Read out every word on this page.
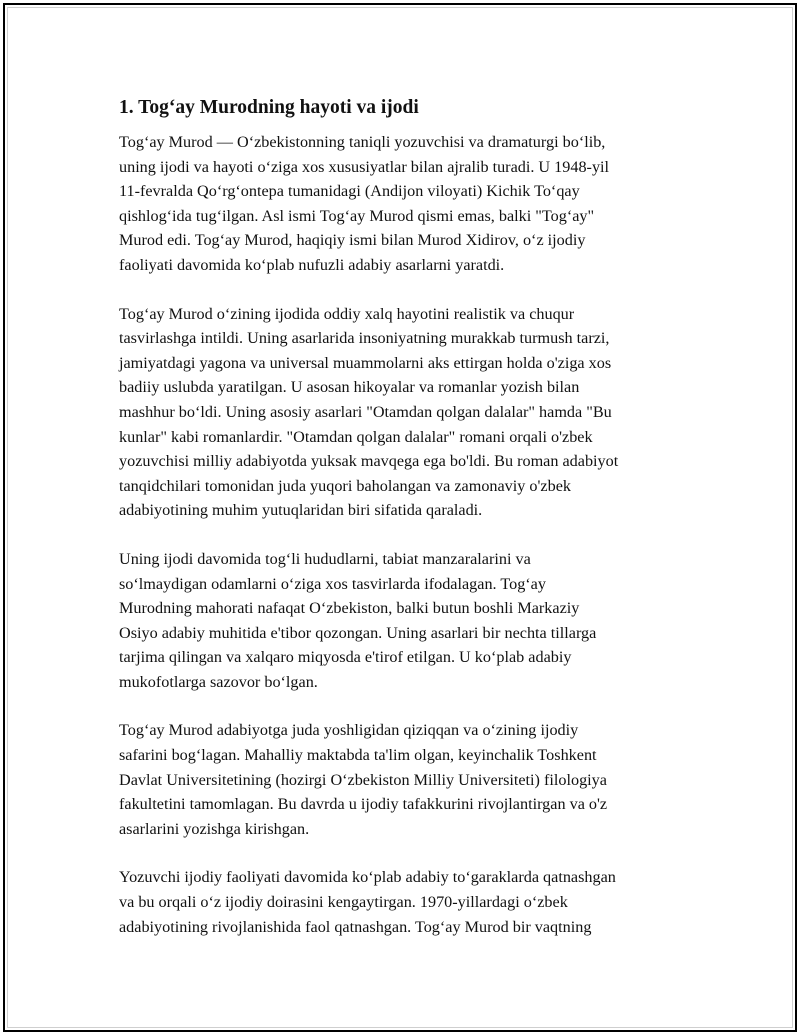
1. Tog‘ay Murodning hayoti va ijodi

Tog‘ay Murod — O‘zbekistonning taniqli yozuvchisi va dramaturgi bo‘lib,
uning ijodi va hayoti o‘ziga xos xususiyatlar bilan ajralib turadi. U 1948-yil
11-fevralda Qo‘rg‘ontepa tumanidagi (Andijon viloyati) Kichik To‘qay
qishlog‘ida tug‘ilgan. Asl ismi Tog‘ay Murod qismi emas, balki "Tog‘ay"
Murod edi. Tog‘ay Murod, haqiqiy ismi bilan Murod Xidirov, o‘z ijodiy
faoliyati davomida ko‘plab nufuzli adabiy asarlarni yaratdi.

Tog‘ay Murod o‘zining ijodida oddiy xalq hayotini realistik va chuqur
tasvirlashga intildi. Uning asarlarida insoniyatning murakkab turmush tarzi,
jamiyatdagi yagona va universal muammolarni aks ettirgan holda o'ziga xos
badiiy uslubda yaratilgan. U asosan hikoyalar va romanlar yozish bilan
mashhur bo‘ldi. Uning asosiy asarlari "Otamdan qolgan dalalar" hamda "Bu
kunlar" kabi romanlardir. "Otamdan qolgan dalalar" romani orqali o'zbek
yozuvchisi milliy adabiyotda yuksak mavqega ega bo'ldi. Bu roman adabiyot
tanqidchilari tomonidan juda yuqori baholangan va zamonaviy o'zbek
adabiyotining muhim yutuqlaridan biri sifatida qaraladi.

Uning ijodi davomida tog‘li hududlarni, tabiat manzaralarini va
so‘lmaydigan odamlarni o‘ziga xos tasvirlarda ifodalagan. Tog‘ay
Murodning mahorati nafaqat O‘zbekiston, balki butun boshli Markaziy
Osiyo adabiy muhitida e'tibor qozongan. Uning asarlari bir nechta tillarga
tarjima qilingan va xalqaro miqyosda e'tirof etilgan. U ko‘plab adabiy
mukofotlarga sazovor bo‘lgan.

Tog‘ay Murod adabiyotga juda yoshligidan qiziqqan va o‘zining ijodiy
safarini bog‘lagan. Mahalliy maktabda ta'lim olgan, keyinchalik Toshkent
Davlat Universitetining (hozirgi O‘zbekiston Milliy Universiteti) filologiya
fakultetini tamomlagan. Bu davrda u ijodiy tafakkurini rivojlantirgan va o'z
asarlarini yozishga kirishgan.

Yozuvchi ijodiy faoliyati davomida ko‘plab adabiy to‘garaklarda qatnashgan
va bu orqali o‘z ijodiy doirasini kengaytirgan. 1970-yillardagi o‘zbek
adabiyotining rivojlanishida faol qatnashgan. Tog‘ay Murod bir vaqtning
